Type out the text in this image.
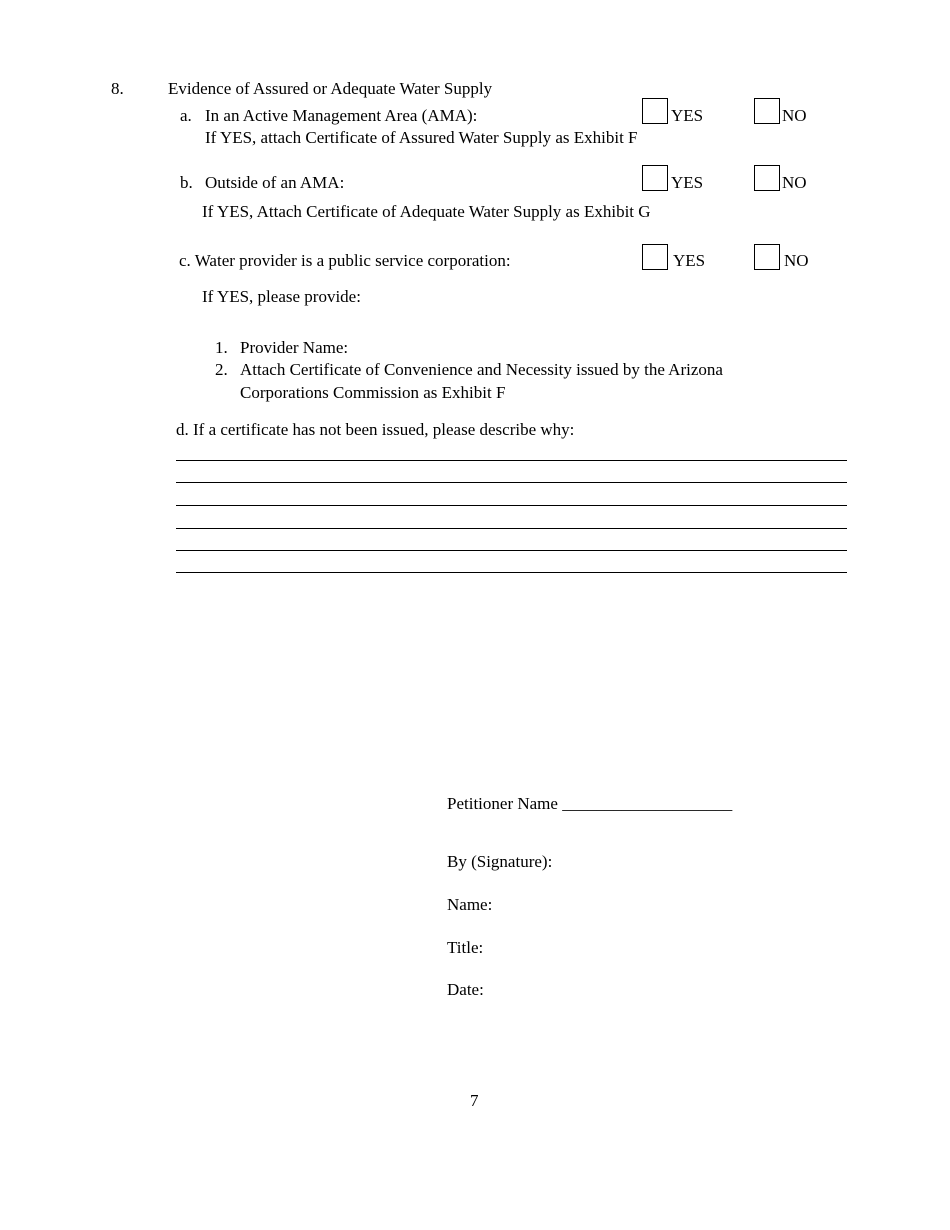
8.	Evidence of Assured or Adequate Water Supply
a. In an Active Management Area (AMA):	YES	NO
If YES, attach Certificate of Assured Water Supply as Exhibit F
b. Outside of an AMA:	YES	NO
If YES, Attach Certificate of Adequate Water Supply as Exhibit G
c. Water provider is a public service corporation:	YES	NO
If YES, please provide:
1. Provider Name:
2. Attach Certificate of Convenience and Necessity issued by the Arizona
Corporations Commission as Exhibit F
d. If a certificate has not been issued, please describe why:
Petitioner Name ____________________
By (Signature):
Name:
Title:
Date:
7
